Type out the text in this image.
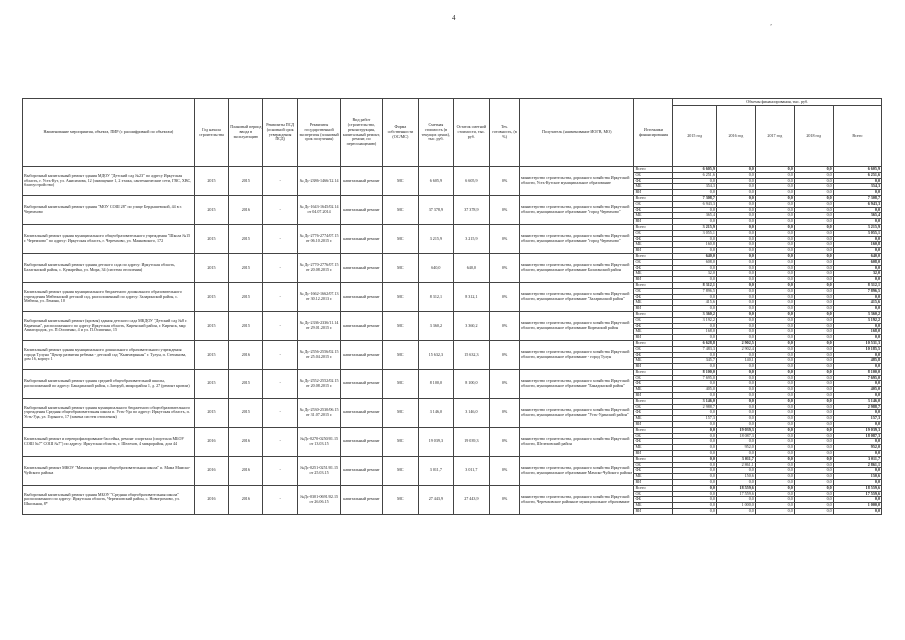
4
ʼ
Наименование мероприятия, объекта, ПИР (с расшифровкой по объектам)	Год начала строительства	Плановый период ввода в эксплуатацию	Реквизиты ПСД (основной срок утверждения ПСД)	Реквизиты государственной экспертизы (плановый срок получения)	Вид работ (строительство, реконструкция, капитальный ремонт, ремонт, по переоснащению)	Форма собственности (ОС/МС)	Сметная стоимость (в текущих ценах), тыс. руб.	Остаток сметной стоимости, тыс. руб.	Тех. готовность, (в %)	Получатель (наименование ИОГВ, МО)	Источники финансирования	Объемы финансирования, тыс. руб.				
												2015 год	2016 год	2017 год	2018 год	Всего
Выборочный капитальный ремонт здания МДОУ "Детский сад №23" по адресу Иркутская область, г. Усть-Кут, ул. Анисимова, 12 (замощение 1, 2 этажа, сантехнические сети, ГВС, ХВС, благоустройство)	2015	2015	-	№ Дс-2386-1466/12.14	капитальный ремонт	МС	6 605,9	6 605,9	0%	министерство строительства, дорожного хозяйства Иркутской области, Усть-Кутское муниципальное образование	Всего	6 605,9	0,0	0,0	0,0	6 605,9
											ОБ	6 251,6	0,0	0,0	0,0	6 251,6
											ФБ	0,0	0,0	0,0	0,0	0,0
											МБ	354,3	0,0	0,0	0,0	354,3
											ВИ	0,0	0,0	0,0	0,0	0,0
Выборочный капитальный ремонт здания "МОУ СОШ 28" по улице Бердышевской, 44 в г. Черемхово	2015	2016	-	№ Дс-1643-1645/02.14 от 04.07.2014	капитальный ремонт	МС	37 378,9	37 378,9	0%	министерство строительства, дорожного хозяйства Иркутской области, муниципальное образование "город Черемхово"	Всего	7 308,7	0,0	0,0	0,0	7 308,7
											ОБ	6 943,3	0,0	0,0	0,0	6 943,3
											ФБ	0,0	0,0	0,0	0,0	0,0
											МБ	365,4	0,0	0,0	0,0	365,4
											ВИ	0,0	0,0	0,0	0,0	0,0
Капитальный ремонт здания муниципального общеобразовательного учреждения "Школа №15 г. Черемхово" по адресу: Иркутская область, г. Черемхово, ул. Маяковского, 172	2015	2015	-	№ Дс-2776-2774/07.15 от 06.10.2015 г.	капитальный ремонт	МС	3 215,9	3 215,9	0%	министерство строительства, дорожного хозяйства Иркутской области, муниципальное образование "город Черемхово"	Всего	3 215,9	0,0	0,0	0,0	3 215,9
											ОБ	3 055,1	0,0	0,0	0,0	3 055,1
											ФБ	0,0	0,0	0,0	0,0	0,0
											МБ	160,8	0,0	0,0	0,0	160,8
											ВИ	0,0	0,0	0,0	0,0	0,0
Выборочный капитальный ремонт здания детского сада по адресу: Иркутская область, Балаганский район, с. Кумарейка, ул. Мира, 34 (система отопления)	2015	2015	-	№ Дс-2770-2776/07.15 от 20.08.2015 г.	капитальный ремонт	МС	640,0	640,0	0%	министерство строительства, дорожного хозяйства Иркутской области, муниципальное образование Балаганский район	Всего	640,0	0,0	0,0	0,0	640,0
											ОБ	608,0	0,0	0,0	0,0	608,0
											ФБ	0,0	0,0	0,0	0,0	0,0
											МБ	32,0	0,0	0,0	0,0	32,0
											ВИ	0,0	0,0	0,0	0,0	0,0
Капитальный ремонт здания муниципального бюджетного дошкольного образовательного учреждения Мейтинский детский сад, расположенный по адресу: Заларинский район, с. Мейтин, ул. Ленина, 10	2015	2015	-	№ Дс-1662-1662/07.13 от 30.12.2013 г.	капитальный ремонт	МС	8 312,1	8 312,1	0%	министерство строительства, дорожного хозяйства Иркутской области, муниципальное образование "Заларинский район"	Всего	8 312,1	0,0	0,0	0,0	8 312,1
											ОБ	7 896,5	0,0	0,0	0,0	7 896,5
											ФБ	0,0	0,0	0,0	0,0	0,0
											МБ	415,6	0,0	0,0	0,0	415,6
											ВИ	0,0	0,0	0,0	0,0	0,0
Выборочный капитальный ремонт (кровля) здания детского сада МКДОУ "Детский сад №8 г. Карачина", расположенного по адресу Иркутская область, Киренский район, г. Киренск, мкр Авиагородок, ул. П.Осипенко, 4 и ул. П.Осипенко, 15	2015	2015	-	№ Дс-2336-2336/11.14 от 29.01.2015 г.	капитальный ремонт	МС	3 360,2	3 360,2	0%	министерство строительства, дорожного хозяйства Иркутской области, муниципальное образование Киренский район	Всего	3 360,2	0,0	0,0	0,0	3 360,2
											ОБ	3 192,2	0,0	0,0	0,0	3 192,2
											ФБ	0,0	0,0	0,0	0,0	0,0
											МБ	168,0	0,0	0,0	0,0	168,0
											ВИ	0,0	0,0	0,0	0,0	0,0
Капитальный ремонт здания муниципального дошкольного образовательного учреждения города Тулуна "Центр развития ребенка - детский сад "Кымчюрыкан" г. Тулун, п. Степанова, дом 16, корпус 1	2015	2016	-	№ Дс-2556-2556/02.15 от 25.04.2015 г.	капитальный ремонт	МС	15 632,3	15 632,3	0%	министерство строительства, дорожного хозяйства Иркутской области, муниципальное образование - город Тулун	Всего	6 628,8	2 902,5	0,0	0,0	10 531,3
											ОБ	7 483,3	2 902,4	0,0	0,0	10 185,5
											ФБ	0,0	0,0	0,0	0,0	0,0
											МБ	345,7	140,1	0,0	0,0	485,8
											ВИ	0,0	0,0	0,0	0,0	0,0
Выборочный капитальный ремонт здания средней общеобразовательной школы, расположенной по адресу: Бакадинский район, с.Загоруй, микрорайон 1, д. 27 (ремонт кровли)	2015	2015	-	№ Дс-2552-2552/02.15 от 20.08.2015 г.	капитальный ремонт	МС	8 100,0	8 100,0	0%	министерство строительства, дорожного хозяйства Иркутской области, муниципальное образование "Бакадинский район"	Всего	8 100,0	0,0	0,0	0,0	8 100,0
											ОБ	7 695,0	0,0	0,0	0,0	7 695,0
											ФБ	0,0	0,0	0,0	0,0	0,0
											МБ	405,0	0,0	0,0	0,0	405,0
											ВИ	0,0	0,0	0,0	0,0	0,0
Выборочный капитальный ремонт здания муниципального бюджетного общеобразовательного учреждения Средняя общеобразовательная школа п. Усть-Уда по адресу: Иркутская область, п. Усть-Уда, ул. Горького, 17 (замена систем отопления)	2015	2015	-	№ Дс-2530-2530/06.15 от 31.07.2015 г.	капитальный ремонт	МС	3 146,0	3 146,0	0%	министерство строительства, дорожного хозяйства Иркутской области, муниципальное образование "Усть-Удинский район"	Всего	3 146,0	0,0	0,0	0,0	3 146,0
											ОБ	2 988,7	0,0	0,0	0,0	2 988,7
											ФБ	0,0	0,0	0,0	0,0	0,0
											МБ	157,3	0,0	0,0	0,0	157,3
											ВИ	0,0	0,0	0,0	0,0	0,0
Капитальный ремонт и перепрофилирование бассейна, ремонт спортзала (спортзала МБОУ СОШ №7" СОШ №7") по адресу: Иркутская область, г. Шелехов, 4 микрорайон, дом 44	2016	2016	-	№Дс-0270-0250/01.15 от 13.03.15	капитальный ремонт	МС	19 039,3	19 039,3	0%	министерство строительства, дорожного хозяйства Иркутской области, Шелеховский район	Всего	0,0	19 039,3	0,0	0,0	19 039,3
											ОБ	0,0	18 087,3	0,0	0,0	18 087,3
											ФБ	0,0	0,0	0,0	0,0	0,0
											МБ	0,0	952,0	0,0	0,0	952,0
											ВИ	0,0	0,0	0,0	0,0	0,0
Капитальный ремонт МКОУ "Мамская средняя общеобразовательная школа" п. Мама Мамско-Чуйского района	2016	2016	-	№Дс-0251-0251/01.15 от 25.03.15	капитальный ремонт	МС	3 011,7	3 011,7	0%	министерство строительства, дорожного хозяйства Иркутской области, муниципальное образование Мамско-Чуйского района	Всего	0,0	3 011,7	0,0	0,0	3 011,7
											ОБ	0,0	2 861,1	0,0	0,0	2 861,1
											ФБ	0,0	0,0	0,0	0,0	0,0
											МБ	0,0	150,6	0,0	0,0	150,6
											ВИ	0,0	0,0	0,0	0,0	0,0
Выборочный капитальный ремонт здания МБОУ "Средняя общеобразовательная школа" расположенного по адресу: Иркутская область, Черемховский район, с. Новогромово, ул. Школьная, 8*	2016	2016	-	№Дс-0301-0691/02.15 от 26.06.15	капитальный ремонт	МС	27 443,9	27 443,9	0%	министерство строительства, дорожного хозяйства Иркутской области, Черемховское районное муниципальное образование	Всего	0,0	18 559,6	0,0	0,0	18 559,6
											ОБ	0,0	17 559,6	0,0	0,0	17 559,6
											ФБ	0,0	0,0	0,0	0,0	0,0
											МБ	0,0	1 000,0	0,0	0,0	1 000,0
											ВИ	0,0	0,0	0,0	0,0	0,0
